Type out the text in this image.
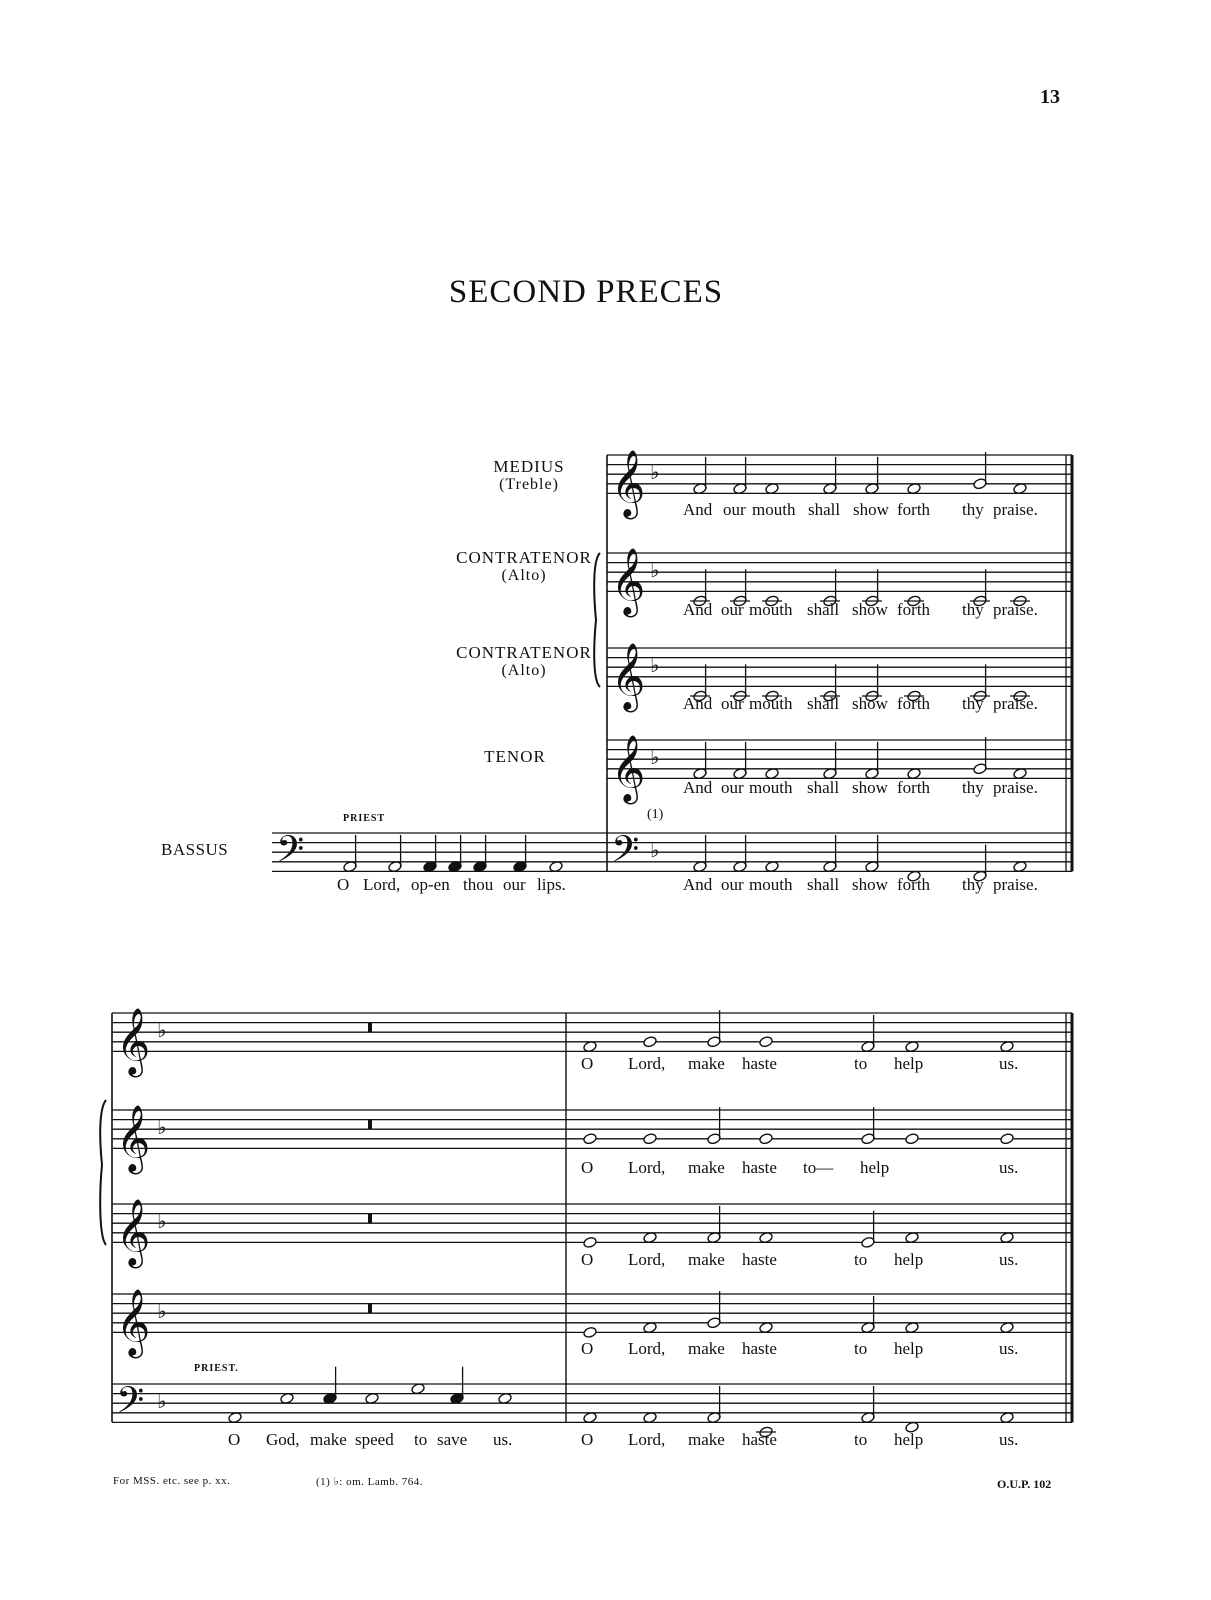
13
SECOND PRECES
MEDIUS
(Treble)
CONTRATENOR
(Alto)
CONTRATENOR
(Alto)
TENOR
BASSUS
PRIEST	(1)
PRIEST.
𝄞 ♭
𝄞 ♭
𝄞 ♭
𝄞 ♭
𝄢 ♭
𝄢
𝄞 ♭
𝄞 ♭
𝄞 ♭
𝄞 ♭
𝄢 ♭
And our mouth shall show forth thy praise.
And our mouth shall show forth thy praise.
And our mouth shall show forth thy praise.
And our mouth shall show forth thy praise.
O Lord, op-en thou our lips.	And our mouth shall show forth thy praise.
O Lord, make haste	to help	us.
O Lord, make haste to— help	us.
O Lord, make haste	to help	us.
O Lord, make haste	to help	us.
O God, make speed to save us.	O Lord, make haste	to help	us.
For MSS. etc. see p. xx.	(1) ♭: om. Lamb. 764.	O.U.P. 102
